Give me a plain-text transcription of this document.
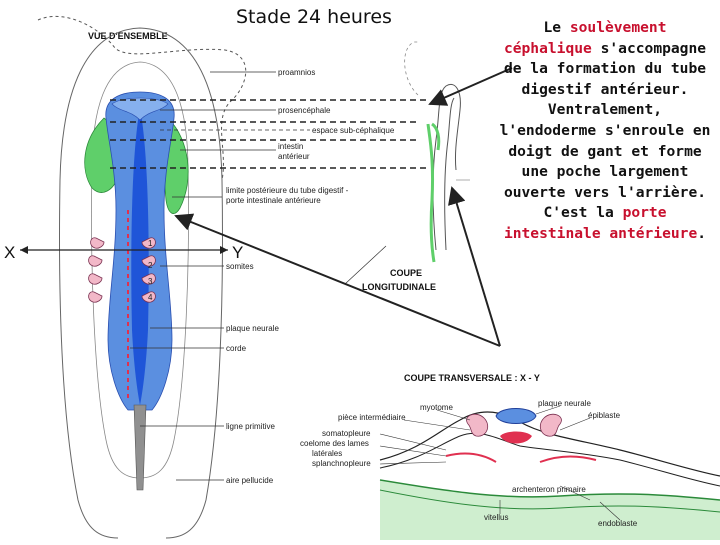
VUE D'ENSEMBLE
1
2
3
4
X	Y
proamnios
prosencéphale
espace sub-céphalique
intestin
antérieur
limite postérieure du tube digestif -
porte intestinale antérieure
somites
plaque neurale
corde
ligne primitive
aire pellucide
COUPE
LONGITUDINALE
COUPE TRANSVERSALE : X - Y
myotome
pièce intermédiaire
somatopleure
coelome des lames
latérales
splanchnopleure
plaque neurale
épiblaste
archenteron primaire
endoblaste
vitellus
Stade 24 heures	Le soulèvement céphalique s'accompagne de la formation du tube digestif antérieur. Ventralement, l'endoderme s'enroule en doigt de gant et forme une poche largement ouverte vers l'arrière. C'est la porte intestinale antérieure.
